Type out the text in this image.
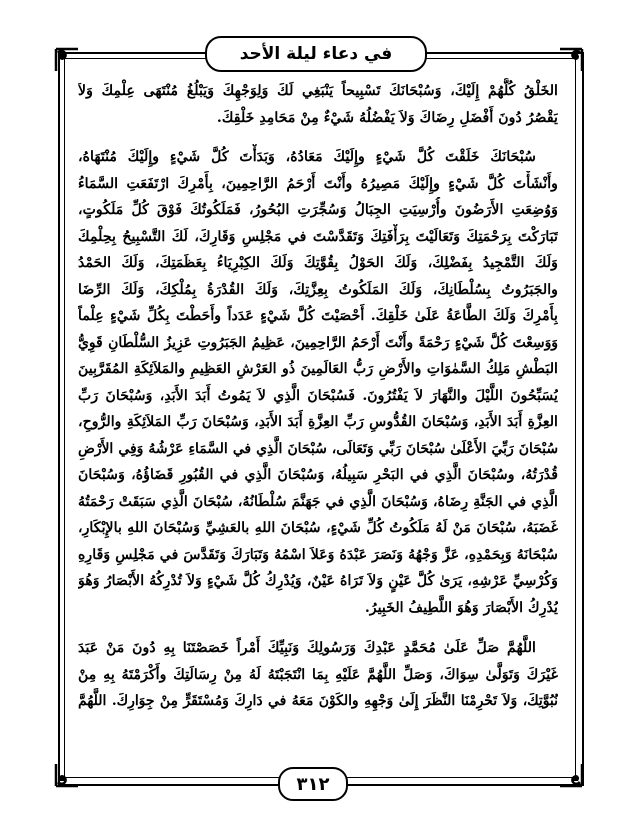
في دعاء ليلة الأحد
الخَلْقُ كُلُّهُمْ إِلَيْكَ، وَسُبْحَانَكَ تَسْبِيحاً يَنْبَغِي لَكَ وَلِوَجْهِكَ وَيَبْلُغُ مُنْتَهَى عِلْمِكَ وَلاَ
يَقْصُرُ دُونَ أَفْضَلِ رِضَاكَ وَلاَ يَفْضُلُهُ شَيْءٌ مِنْ مَحَامِدِ خَلْقِكَ.
سُبْحَانَكَ خَلَقْتَ كُلَّ شَيْءٍ وإِلَيْكَ مَعَادُهُ، وَبَدَأْتَ كُلَّ شَيْءٍ وإِلَيْكَ مُنْتَهَاهُ،
وأَنْشَأْتَ كُلَّ شَيْءٍ وإِلَيْكَ مَصِيرُهُ وأَنْتَ أَرْحَمُ الرَّاحِمِينَ، بِأَمْرِكَ ارْتَفَعَتِ السَّمَاءُ
وَوُضِعَتِ الأَرَضُونَ وأُرْسِيَتِ الجِبَالُ وَسُجِّرَتِ البُحُورُ، فَمَلَكُوتُكَ فَوْقَ كُلِّ مَلَكُوتٍ،
تَبَارَكْتَ بِرَحْمَتِكَ وَتَعَالَيْتَ بِرَأْفَتِكَ وَتَقَدَّسْتَ في مَجْلِسِ وَقَارِكَ، لَكَ التَّسْبِيحُ بِحِلْمِكَ
وَلَكَ التَّمْجِيدُ بِفَضْلِكَ، وَلَكَ الحَوْلُ بِقُوَّتِكَ وَلَكَ الكِبْرِيَاءُ بِعَظَمَتِكَ، وَلَكَ الحَمْدُ
والجَبَرُوتُ بِسُلْطَانِكَ، وَلَكَ المَلَكُوتُ بِعِزَّتِكَ، وَلَكَ القُدْرَةُ بِمُلْكِكَ، وَلَكَ الرِّضَا
بِأَمْرِكَ وَلَكَ الطَّاعَةُ عَلَىٰ خَلْقِكَ. أَحْصَيْتَ كُلَّ شَيْءٍ عَدَداً وأَحَطْتَ بِكُلِّ شَيْءٍ عِلْماً
وَوَسِعْتَ كُلَّ شَيْءٍ رَحْمَةً وأَنْتَ أَرْحَمُ الرَّاحِمِينَ، عَظِيمُ الجَبَرُوتِ عَزِيزُ السُّلْطَانِ قَوِيُّ
البَطْشِ مَلِكُ السَّمٰوَاتِ والأَرْضِ رَبُّ العَالَمِينَ ذُو العَرْشِ العَظِيمِ والمَلاَئِكَةِ المُقَرَّبِينَ
يُسَبِّحُونَ اللَّيْلَ والنَّهَارَ لاَ يَفْتُرُونَ. فَسُبْحَانَ الَّذِي لاَ يَمُوتُ أَبَدَ الأَبَدِ، وَسُبْحَانَ رَبِّ
العِزَّةِ أَبَدَ الأَبَدِ، وَسُبْحَانَ القُدُّوسِ رَبِّ العِزَّةِ أَبَدَ الأَبَدِ، وَسُبْحَانَ رَبِّ المَلاَئِكَةِ والرُّوحِ،
سُبْحَانَ رَبِّيَ الأَعْلَىٰ سُبْحَانَ رَبِّي وَتَعَالَى، سُبْحَانَ الَّذِي في السَّمَاءِ عَرْشُهُ وَفِي الأَرْضِ
قُدْرَتُهُ، وسُبْحَانَ الَّذِي في البَحْرِ سَبِيلُهُ، وَسُبْحَانَ الَّذِي في القُبُورِ قَضَاؤُهُ، وَسُبْحَانَ
الَّذِي في الجَنَّةِ رِضَاهُ، وَسُبْحَانَ الَّذِي في جَهَنَّمَ سُلْطَانُهُ، سُبْحَانَ الَّذِي سَبَقَتْ رَحْمَتُهُ
غَضَبَهُ، سُبْحَانَ مَنْ لَهُ مَلَكُوتُ كُلِّ شَيْءٍ، سُبْحَانَ اللهِ بالعَشِيِّ وَسُبْحَانَ اللهِ بالإِبْكَارِ،
سُبْحَانَهُ وَبِحَمْدِهِ، عَزَّ وَجْهُهُ وَنَصَرَ عَبْدَهُ وَعَلاَ اسْمُهُ وَتَبَارَكَ وَتَقَدَّسَ في مَجْلِسِ وَقَارِهِ
وَكُرْسِيِّ عَرْشِهِ، يَرَىٰ كُلَّ عَيْنٍ وَلاَ تَرَاهُ عَيْنٌ، وَيُدْرِكُ كُلَّ شَيْءٍ وَلاَ تُدْرِكُهُ الأَبْصَارُ وَهُوَ
يُدْرِكُ الأَبْصَارَ وَهُوَ اللَّطِيفُ الخَبِيرُ.
اللَّهُمَّ صَلِّ عَلَىٰ مُحَمَّدٍ عَبْدِكَ وَرَسُولِكَ وَنَبِيِّكَ أَمْراً خَصَصْتَنَا بِهِ دُونَ مَنْ عَبَدَ
غَيْرَكَ وَتَوَلَّىٰ سِوَاكَ، وَصَلِّ اللَّهُمَّ عَلَيْهِ بِمَا انْتَجَبْتَهُ لَهُ مِنْ رِسَالَتِكَ وأَكْرَمْتَهُ بِهِ مِنْ
نُبُوَّتِكَ، وَلاَ تَحْرِمْنَا النَّظَرَ إِلَىٰ وَجْهِهِ والكَوْنَ مَعَهُ في دَارِكَ وَمُسْتَقَرٍّ مِنْ جِوَارِكَ. اللَّهُمَّ
٣١٢
